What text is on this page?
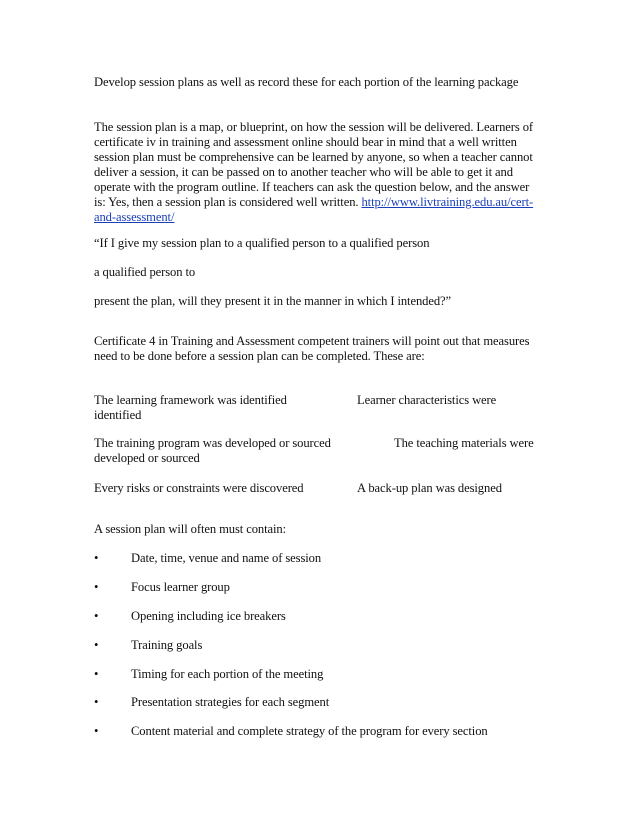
Develop session plans as well as record these for each portion of the learning package
The session plan is a map, or blueprint, on how the session will be delivered. Learners of
certificate iv in training and assessment online should bear in mind that a well written
session plan must be comprehensive can be learned by anyone, so when a teacher cannot
deliver a session, it can be passed on to another teacher who will be able to get it and
operate with the program outline. If teachers can ask the question below, and the answer
is: Yes, then a session plan is considered well written. http://www.livtraining.edu.au/cert-
and-assessment/
“If I give my session plan to a qualified person to a qualified person
a qualified person to
present the plan, will they present it in the manner in which I intended?”
Certificate 4 in Training and Assessment competent trainers will point out that measures
need to be done before a session plan can be completed. These are:
The learning framework was identified	Learner characteristics were
identified
The training program was developed or sourced	The teaching materials were
developed or sourced
Every risks or constraints were discovered	A back-up plan was designed
A session plan will often must contain:
•	Date, time, venue and name of session
•	Focus learner group
•	Opening including ice breakers
•	Training goals
•	Timing for each portion of the meeting
•	Presentation strategies for each segment
•	Content material and complete strategy of the program for every section
